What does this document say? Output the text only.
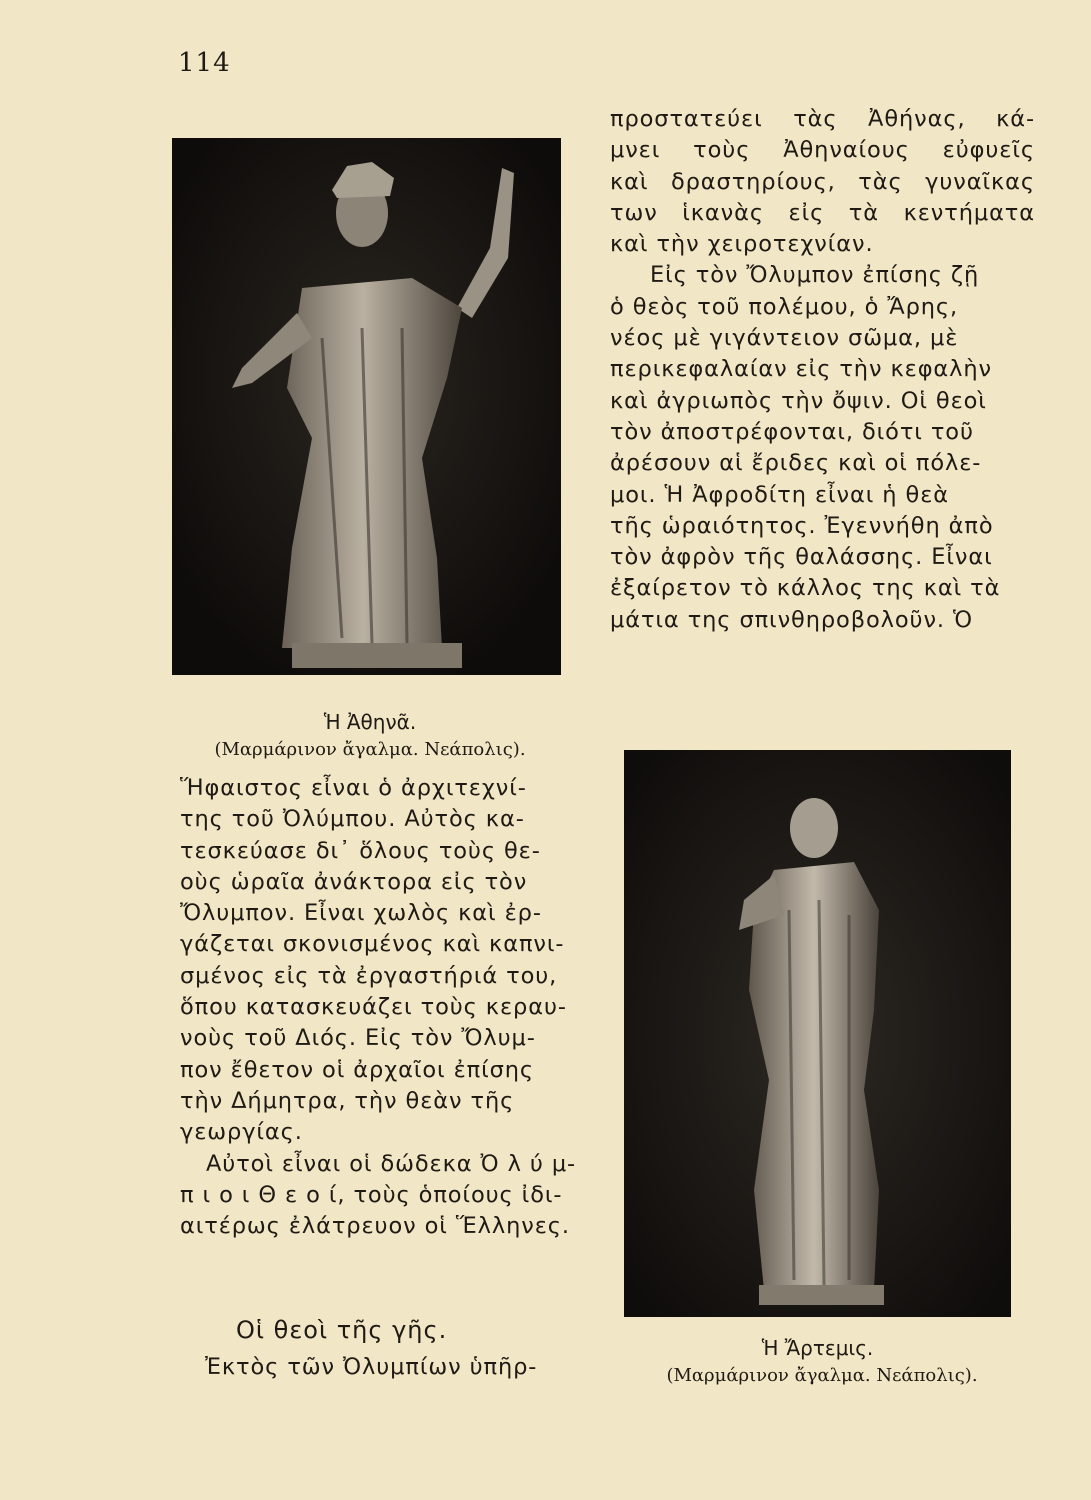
114
Ἡ Ἀθηνᾶ.
(Μαρμάρινον ἄγαλμα. Νεάπολις).
προστατεύει τὰς Ἀθήνας, κά-
μνει τοὺς Ἀθηναίους εὐφυεῖς
καὶ δραστηρίους, τὰς γυναῖκας
των ἱκανὰς εἰς τὰ κεντήματα
καὶ τὴν χειροτεχνίαν.
Εἰς τὸν Ὄλυμπον ἐπίσης ζῇ
ὁ θεὸς τοῦ πολέμου, ὁ Ἄρης,
νέος μὲ γιγάντειον σῶμα, μὲ
περικεφαλαίαν εἰς τὴν κεφαλὴν
καὶ ἀγριωπὸς τὴν ὄψιν. Οἱ θεοὶ
τὸν ἀποστρέφονται, διότι τοῦ
ἀρέσουν αἱ ἔριδες καὶ οἱ πόλε-
μοι. Ἡ Ἀφροδίτη εἶναι ἡ θεὰ
τῆς ὡραιότητος. Ἐγεννήθη ἀπὸ
τὸν ἀφρὸν τῆς θαλάσσης. Εἶναι
ἐξαίρετον τὸ κάλλος της καὶ τὰ
μάτια της σπινθηροβολοῦν. Ὁ
Ἥφαιστος εἶναι ὁ ἀρχιτεχνί-
της τοῦ Ὀλύμπου. Αὐτὸς κα-
τεσκεύασε δι᾿ ὅλους τοὺς θε-
οὺς ὡραῖα ἀνάκτορα εἰς τὸν
Ὄλυμπον. Εἶναι χωλὸς καὶ ἐρ-
γάζεται σκονισμένος καὶ καπνι-
σμένος εἰς τὰ ἐργαστήριά του,
ὅπου κατασκευάζει τοὺς κεραυ-
νοὺς τοῦ Διός. Εἰς τὸν Ὄλυμ-
πον ἔθετον οἱ ἀρχαῖοι ἐπίσης
τὴν Δήμητρα, τὴν θεὰν τῆς
γεωργίας.
Αὐτοὶ εἶναι οἱ δώδεκα Ὀ λ ύ μ-
π ι ο ι Θ ε ο ί, τοὺς ὁποίους ἰδι-
αιτέρως ἐλάτρευον οἱ Ἕλληνες.
Οἱ θεοὶ τῆς γῆς.
Ἐκτὸς τῶν Ὀλυμπίων ὑπῆρ-
Ἡ Ἄρτεμις.
(Μαρμάρινον ἄγαλμα. Νεάπολις).
